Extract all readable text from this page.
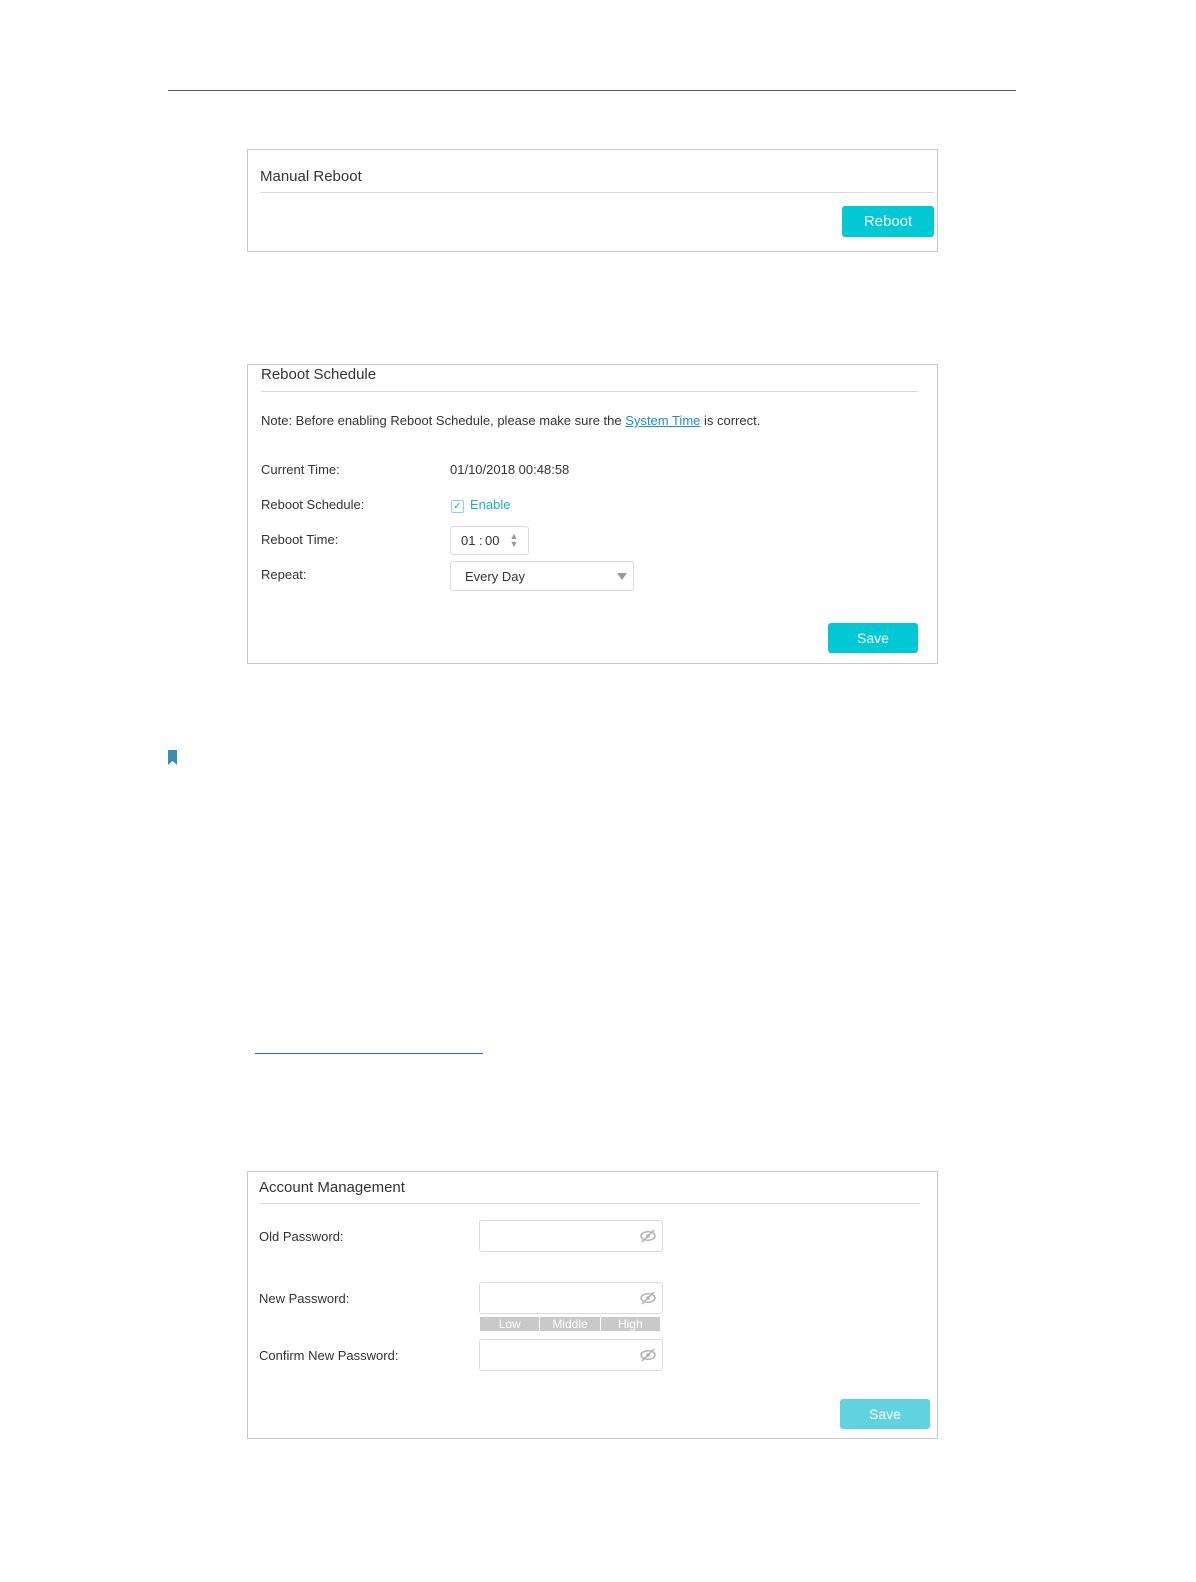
Manual Reboot
Reboot
Reboot Schedule
Note: Before enabling Reboot Schedule, please make sure the System Time is correct.
Current Time:	01/10/2018 00:48:58
Reboot Schedule:	✓ Enable
Reboot Time:	01 : 00 ▲
▼
Repeat:	Every Day
Save
Account Management
Old Password:
New Password:
Low	Middle	High
Confirm New Password:
Save
